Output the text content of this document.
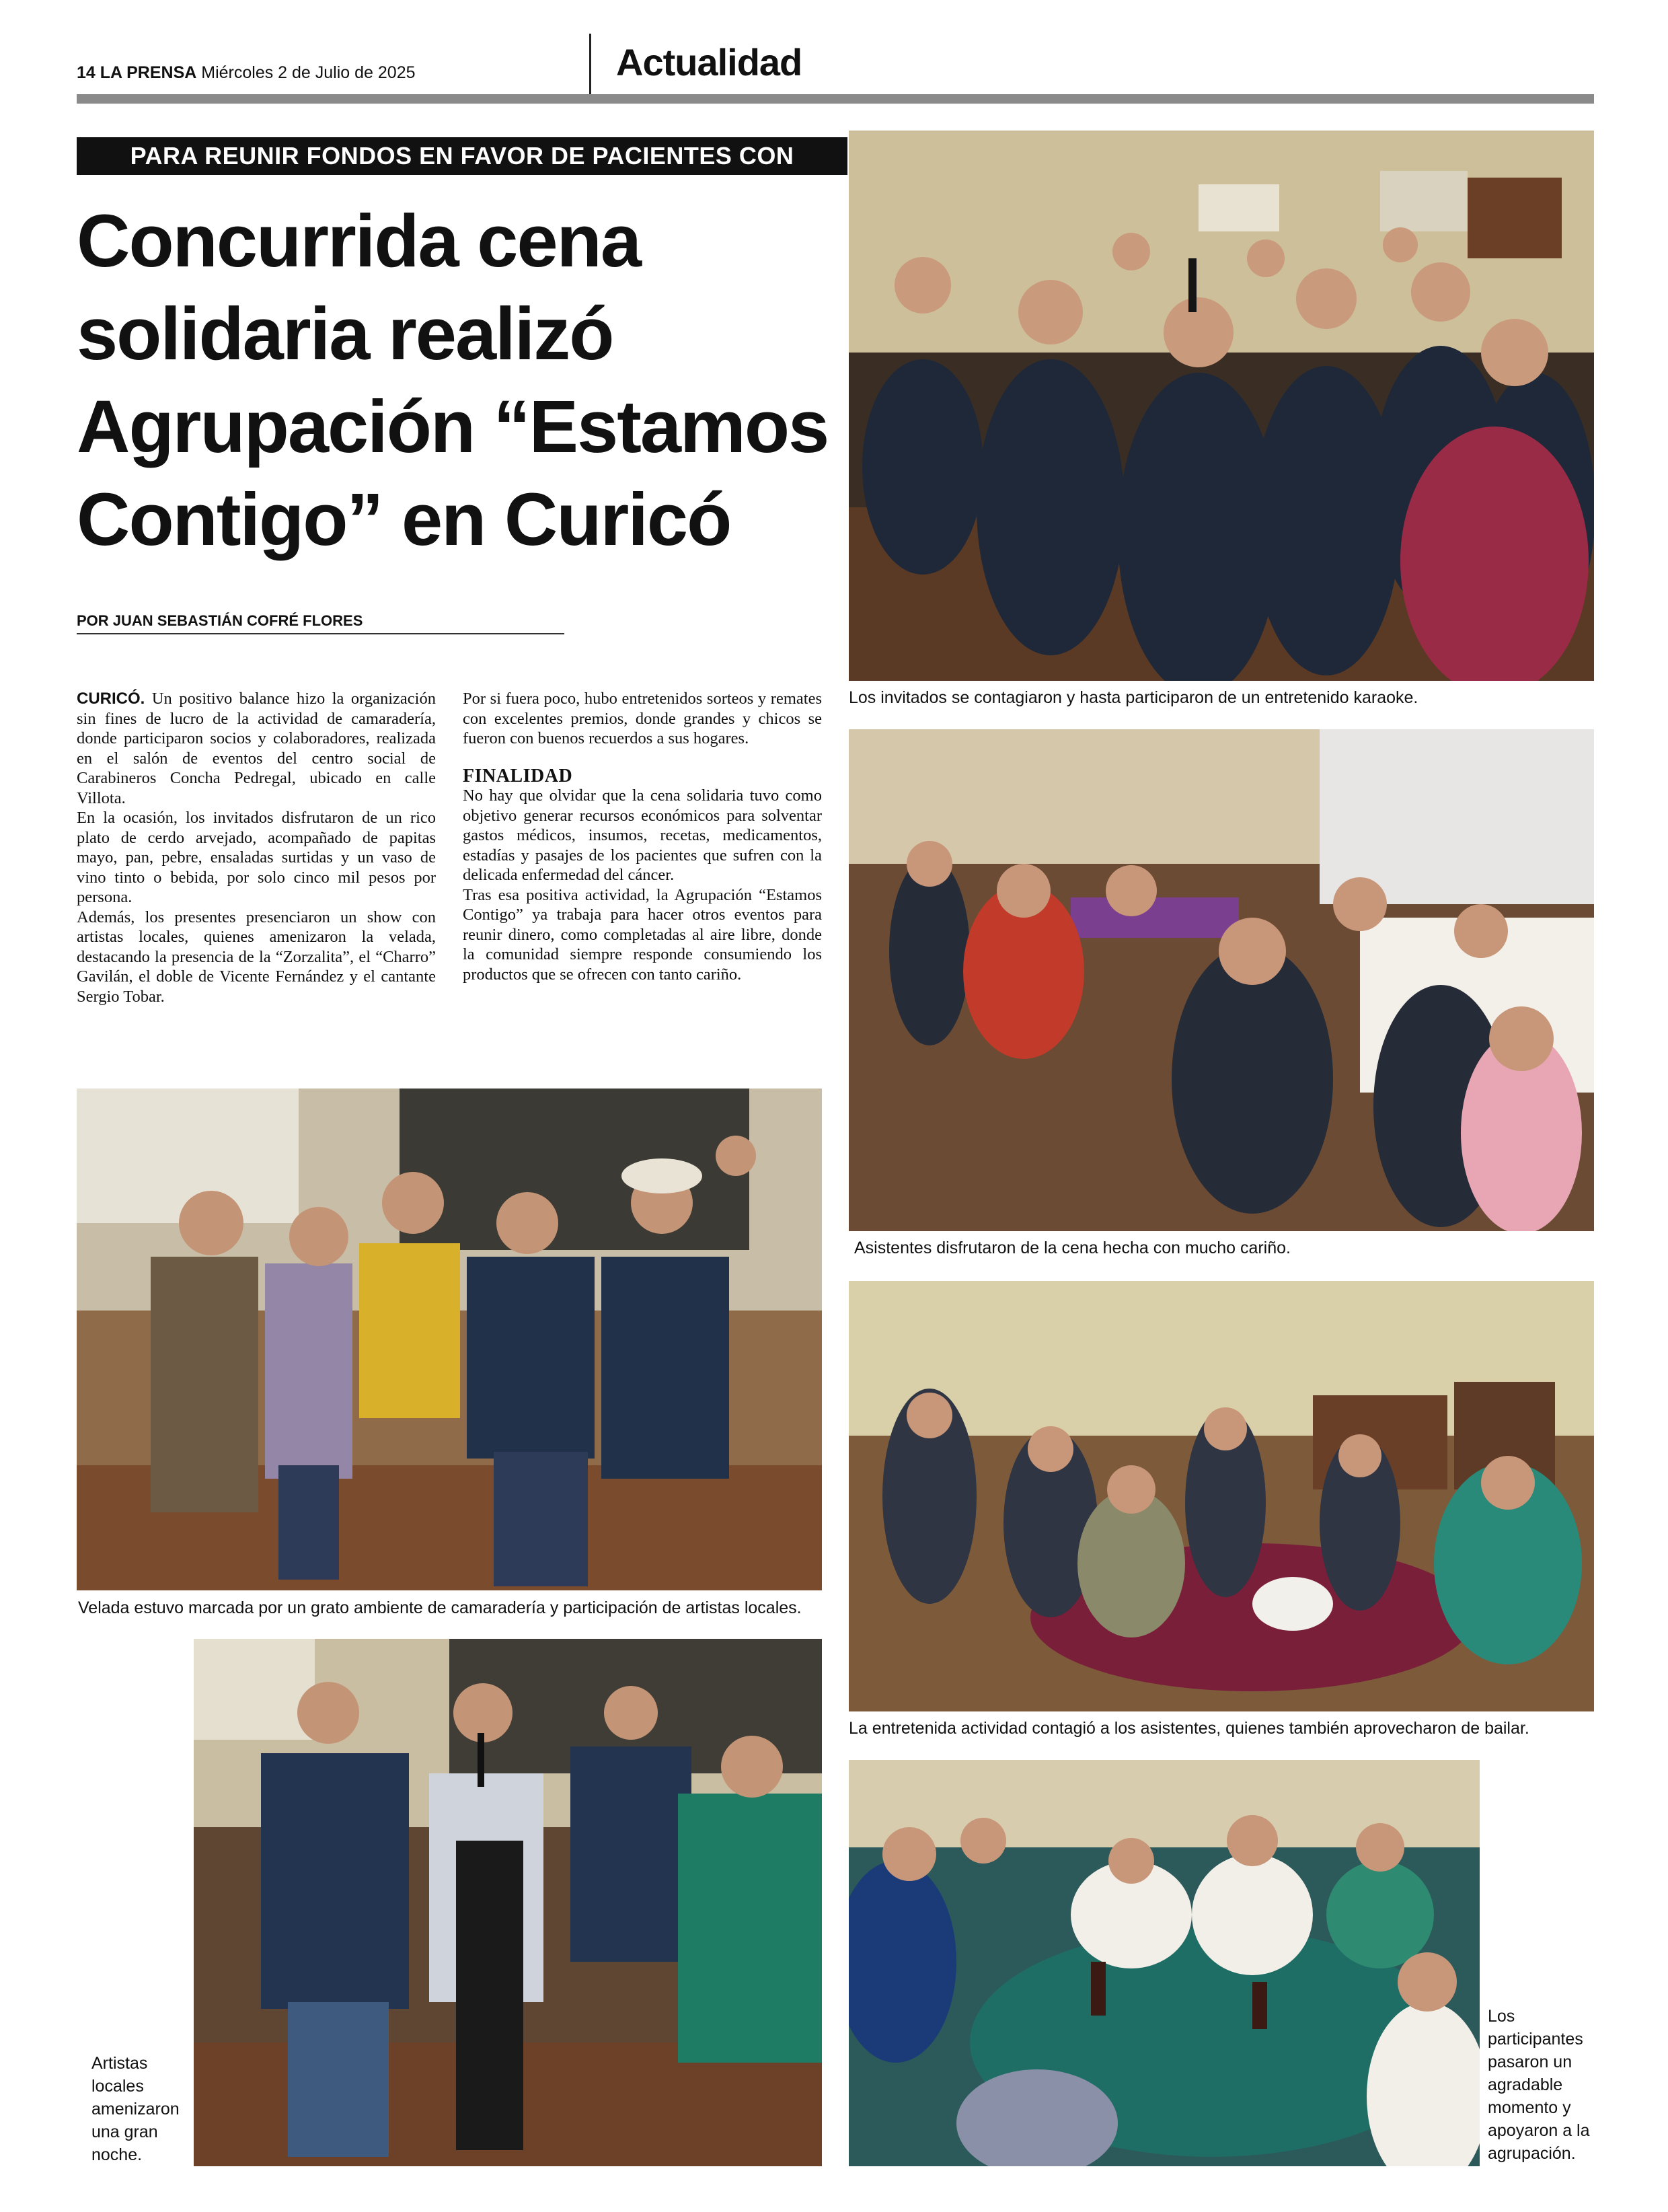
14 LA PRENSA Miércoles 2 de Julio de 2025	Actualidad
PARA REUNIR FONDOS EN FAVOR DE PACIENTES CON CÁNCER
Concurrida cena solidaria realizó Agrupación “Estamos Contigo” en Curicó
POR JUAN SEBASTIÁN COFRÉ FLORES

CURICÓ. Un positivo balance hizo la organización sin fines de lucro de la actividad de camaradería, donde participaron socios y colaboradores, realizada en el salón de eventos del centro social de Carabineros Concha Pedregal, ubicado en calle Villota.

En la ocasión, los invitados disfrutaron de un rico plato de cerdo arvejado, acompañado de papitas mayo, pan, pebre, ensaladas surtidas y un vaso de vino tinto o bebida, por solo cinco mil pesos por persona.

Además, los presentes presenciaron un show con artistas locales, quienes amenizaron la velada, destacando la presencia de la “Zorzalita”, el “Charro” Gavilán, el doble de Vicente Fernández y el cantante Sergio Tobar.

Por si fuera poco, hubo entretenidos sorteos y remates con excelentes premios, donde grandes y chicos se fueron con buenos recuerdos a sus hogares.

FINALIDAD

No hay que olvidar que la cena solidaria tuvo como objetivo generar recursos económicos para solventar gastos médicos, insumos, recetas, medicamentos, estadías y pasajes de los pacientes que sufren con la delicada enfermedad del cáncer.

Tras esa positiva actividad, la Agrupación “Estamos Contigo” ya trabaja para hacer otros eventos para reunir dinero, como completadas al aire libre, donde la comunidad siempre responde consumiendo los productos que se ofrecen con tanto cariño.

Los invitados se contagiaron y hasta participaron de un entretenido karaoke.
Velada estuvo marcada por un grato ambiente de camaradería y participación de artistas locales.
Asistentes disfrutaron de la cena hecha con mucho cariño.
La entretenida actividad contagió a los asistentes, quienes también aprovecharon de bailar.
Artistas locales amenizaron una gran noche.
Los participantes pasaron un agradable momento y apoyaron a la agrupación.
